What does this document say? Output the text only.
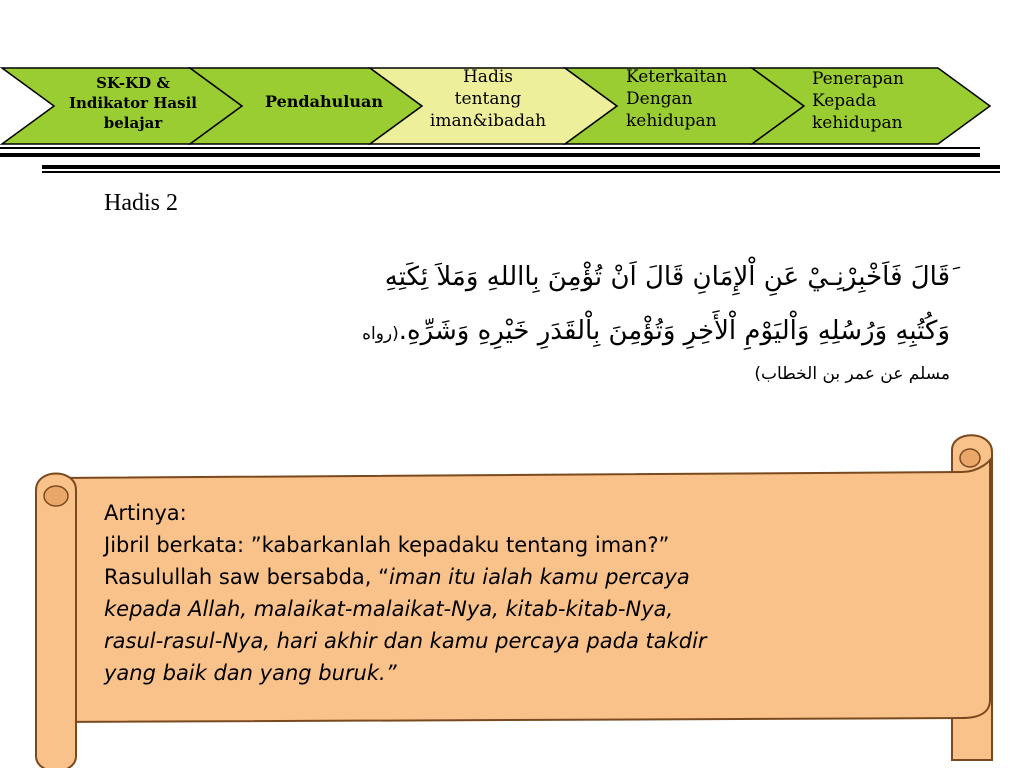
SK-KD &
Indikator Hasil
belajar
Pendahuluan
Hadis
tentang
iman&ibadah
Keterkaitan
Dengan
kehidupan
Penerapan
Kepada
kehidupan
Hadis 2
َقَالَ فَاَخْبِرْنِـيْ عَنِ اْلإِمَانِ قَالَ اَنْ تُؤْمِنَ بِااللهِ وَمَلاَ ئِكَتِهِ
وَكُتُبِهِ وَرُسُلِهِ وَاْليَوْمِ اْلأَخِرِ وَتُؤْمِنَ بِاْلقَدَرِ خَيْرِهِ وَشَرِّهِ.(رواه
مسلم عن عمر بن الخطاب)
Artinya:
Jibril berkata: ”kabarkanlah kepadaku tentang iman?”
Rasulullah saw bersabda, “iman itu ialah kamu percaya
kepada Allah, malaikat-malaikat-Nya, kitab-kitab-Nya,
rasul-rasul-Nya, hari akhir dan kamu percaya pada takdir
yang baik dan yang buruk.”
